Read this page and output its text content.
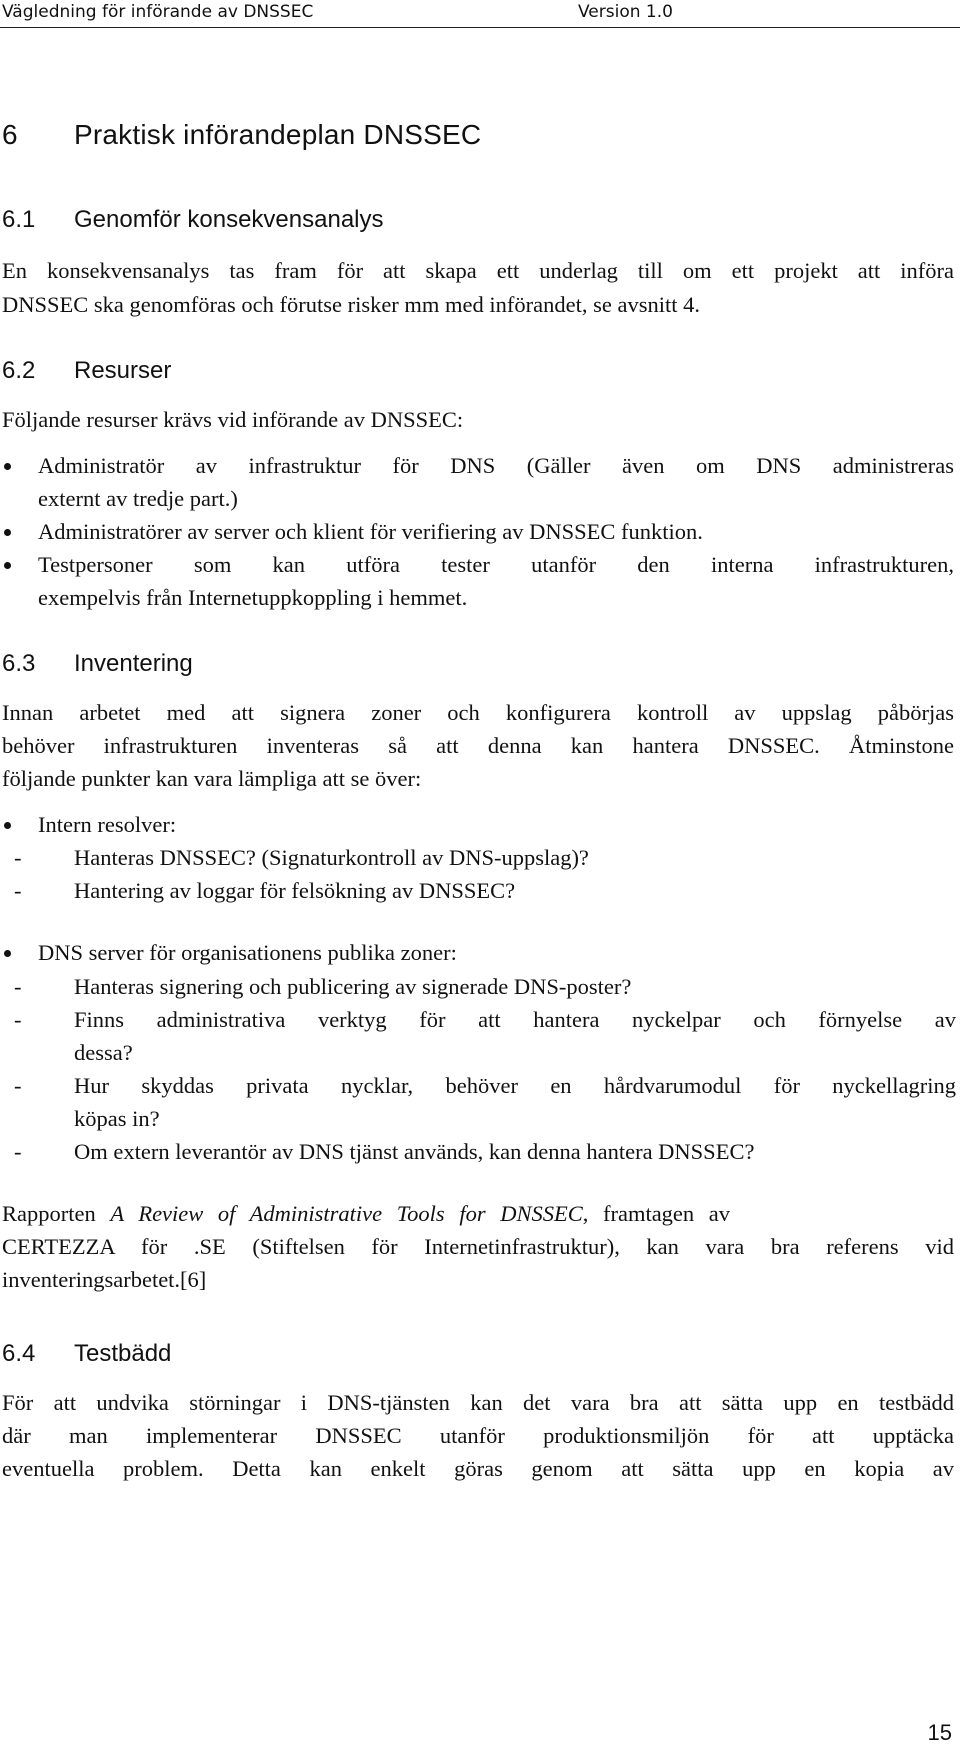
Vägledning för införande av DNSSEC	Version 1.0
6 Praktisk införandeplan DNSSEC
6.1 Genomför konsekvensanalys
En konsekvensanalys tas fram för att skapa ett underlag till om ett projekt att införa
DNSSEC ska genomföras och förutse risker mm med införandet, se avsnitt 4.
6.2 Resurser
Följande resurser krävs vid införande av DNSSEC:
Administratör av infrastruktur för DNS (Gäller även om DNS administreras
externt av tredje part.)
Administratörer av server och klient för verifiering av DNSSEC funktion.
Testpersoner som kan utföra tester utanför den interna infrastrukturen,
exempelvis från Internetuppkoppling i hemmet.
6.3 Inventering
Innan arbetet med att signera zoner och konfigurera kontroll av uppslag påbörjas
behöver infrastrukturen inventeras så att denna kan hantera DNSSEC. Åtminstone
följande punkter kan vara lämpliga att se över:
Intern resolver:
- Hanteras DNSSEC? (Signaturkontroll av DNS-uppslag)?
- Hantering av loggar för felsökning av DNSSEC?
DNS server för organisationens publika zoner:
- Hanteras signering och publicering av signerade DNS-poster?
- Finns administrativa verktyg för att hantera nyckelpar och förnyelse av
dessa?
- Hur skyddas privata nycklar, behöver en hårdvarumodul för nyckellagring
köpas in?
- Om extern leverantör av DNS tjänst används, kan denna hantera DNSSEC?
Rapporten A Review of Administrative Tools for DNSSEC, framtagen av
CERTEZZA för .SE (Stiftelsen för Internetinfrastruktur), kan vara bra referens vid
inventeringsarbetet.[6]
6.4 Testbädd
För att undvika störningar i DNS-tjänsten kan det vara bra att sätta upp en testbädd
där man implementerar DNSSEC utanför produktionsmiljön för att upptäcka
eventuella problem. Detta kan enkelt göras genom att sätta upp en kopia av
15
